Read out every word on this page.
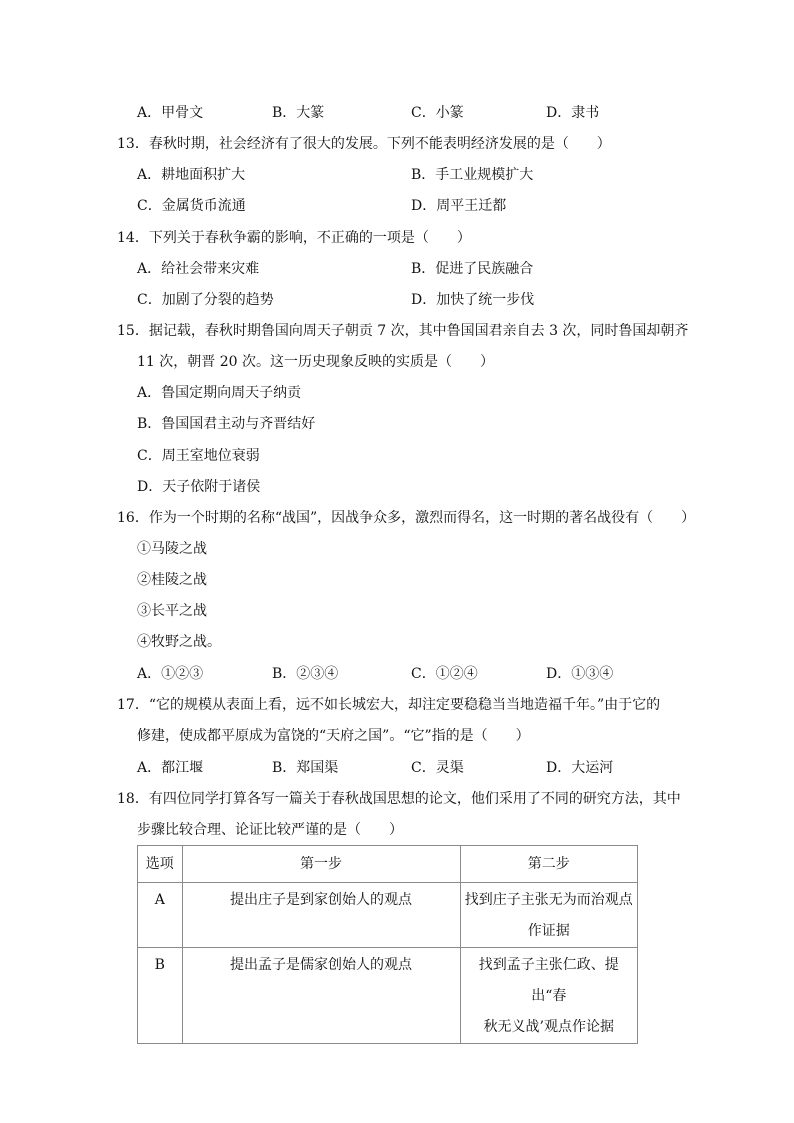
A．甲骨文	B．大篆	C．小篆	D．隶书
13．春秋时期，社会经济有了很大的发展。下列不能表明经济发展的是（　　）
A．耕地面积扩大	B．手工业规模扩大
C．金属货币流通	D．周平王迁都
14．下列关于春秋争霸的影响，不正确的一项是（　　）
A．给社会带来灾难	B．促进了民族融合
C．加剧了分裂的趋势	D．加快了统一步伐
15．据记载，春秋时期鲁国向周天子朝贡 7 次，其中鲁国国君亲自去 3 次，同时鲁国却朝齐
11 次，朝晋 20 次。这一历史现象反映的实质是（　　）
A．鲁国定期向周天子纳贡
B．鲁国国君主动与齐晋结好
C．周王室地位衰弱
D．天子依附于诸侯
16．作为一个时期的名称“战国”，因战争众多，激烈而得名，这一时期的著名战役有（　　）
①马陵之战
②桂陵之战
③长平之战
④牧野之战。
A．①②③	B．②③④	C．①②④	D．①③④
17．“它的规模从表面上看，远不如长城宏大，却注定要稳稳当当地造福千年。”由于它的
修建，使成都平原成为富饶的“天府之国”。“它”指的是（　　）
A．都江堰	B．郑国渠	C．灵渠	D．大运河
18．有四位同学打算各写一篇关于春秋战国思想的论文，他们采用了不同的研究方法，其中
步骤比较合理、论证比较严谨的是（　　）
选项	第一步	第二步
A	提出庄子是到家创始人的观点	找到庄子主张无为而治观点
作证据

B	提出孟子是儒家创始人的观点	找到孟子主张仁政、提出“春
秋无义战’观点作论据
